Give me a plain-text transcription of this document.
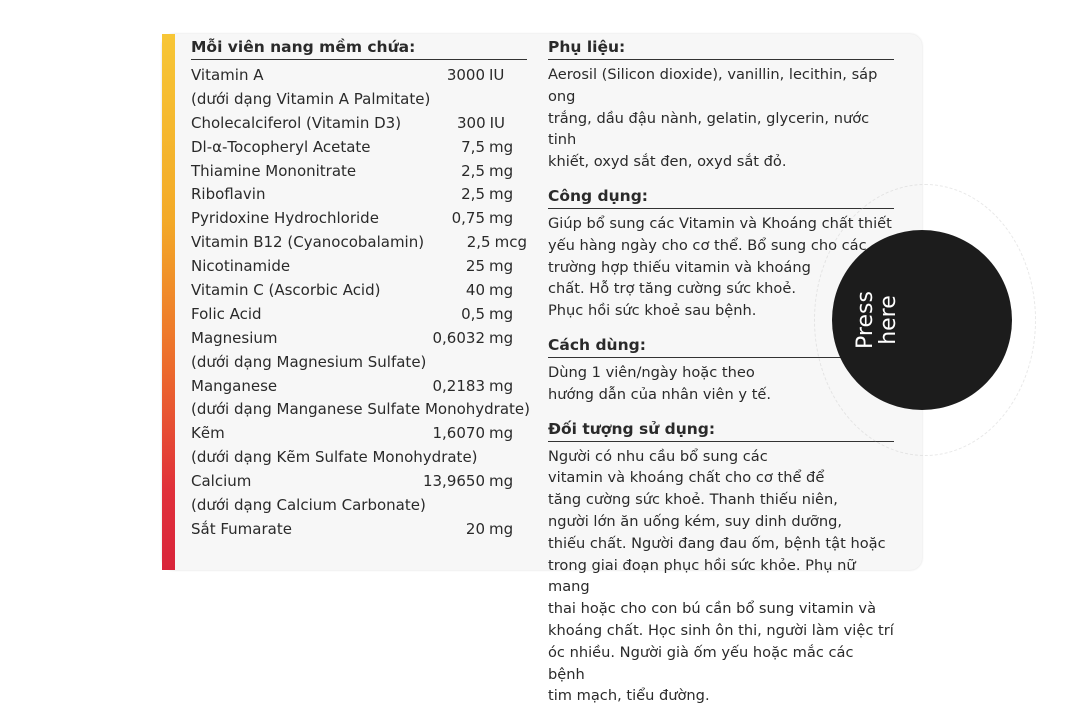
Mỗi viên nang mềm chứa:
Vitamin A	3000 IU
(dưới dạng Vitamin A Palmitate)
Cholecalciferol (Vitamin D3)	300 IU
Dl-α-Tocopheryl Acetate	7,5 mg
Thiamine Mononitrate	2,5 mg
Riboflavin	2,5 mg
Pyridoxine Hydrochloride	0,75 mg
Vitamin B12 (Cyanocobalamin)	2,5 mcg
Nicotinamide	25 mg
Vitamin C (Ascorbic Acid)	40 mg
Folic Acid	0,5 mg
Magnesium	0,6032 mg
(dưới dạng Magnesium Sulfate)
Manganese	0,2183 mg
(dưới dạng Manganese Sulfate Monohydrate)
Kẽm	1,6070 mg
(dưới dạng Kẽm Sulfate Monohydrate)
Calcium	13,9650 mg
(dưới dạng Calcium Carbonate)
Sắt Fumarate	20 mg
Phụ liệu:
Aerosil (Silicon dioxide), vanillin, lecithin, sáp ong
trắng, dầu đậu nành, gelatin, glycerin, nước tinh
khiết, oxyd sắt đen, oxyd sắt đỏ.
Công dụng:
Giúp bổ sung các Vitamin và Khoáng chất thiết
yếu hàng ngày cho cơ thể. Bổ sung cho các
trường hợp thiếu vitamin và khoáng
chất. Hỗ trợ tăng cường sức khoẻ.
Phục hồi sức khoẻ sau bệnh.
Cách dùng:
Dùng 1 viên/ngày hoặc theo
hướng dẫn của nhân viên y tế.
Đối tượng sử dụng:
Người có nhu cầu bổ sung các
vitamin và khoáng chất cho cơ thể để
tăng cường sức khoẻ. Thanh thiếu niên,
người lớn ăn uống kém, suy dinh dưỡng,
thiếu chất. Người đang đau ốm, bệnh tật hoặc
trong giai đoạn phục hồi sức khỏe. Phụ nữ mang
thai hoặc cho con bú cần bổ sung vitamin và
khoáng chất. Học sinh ôn thi, người làm việc trí
óc nhiều. Người già ốm yếu hoặc mắc các bệnh
tim mạch, tiểu đường.
Press
here
